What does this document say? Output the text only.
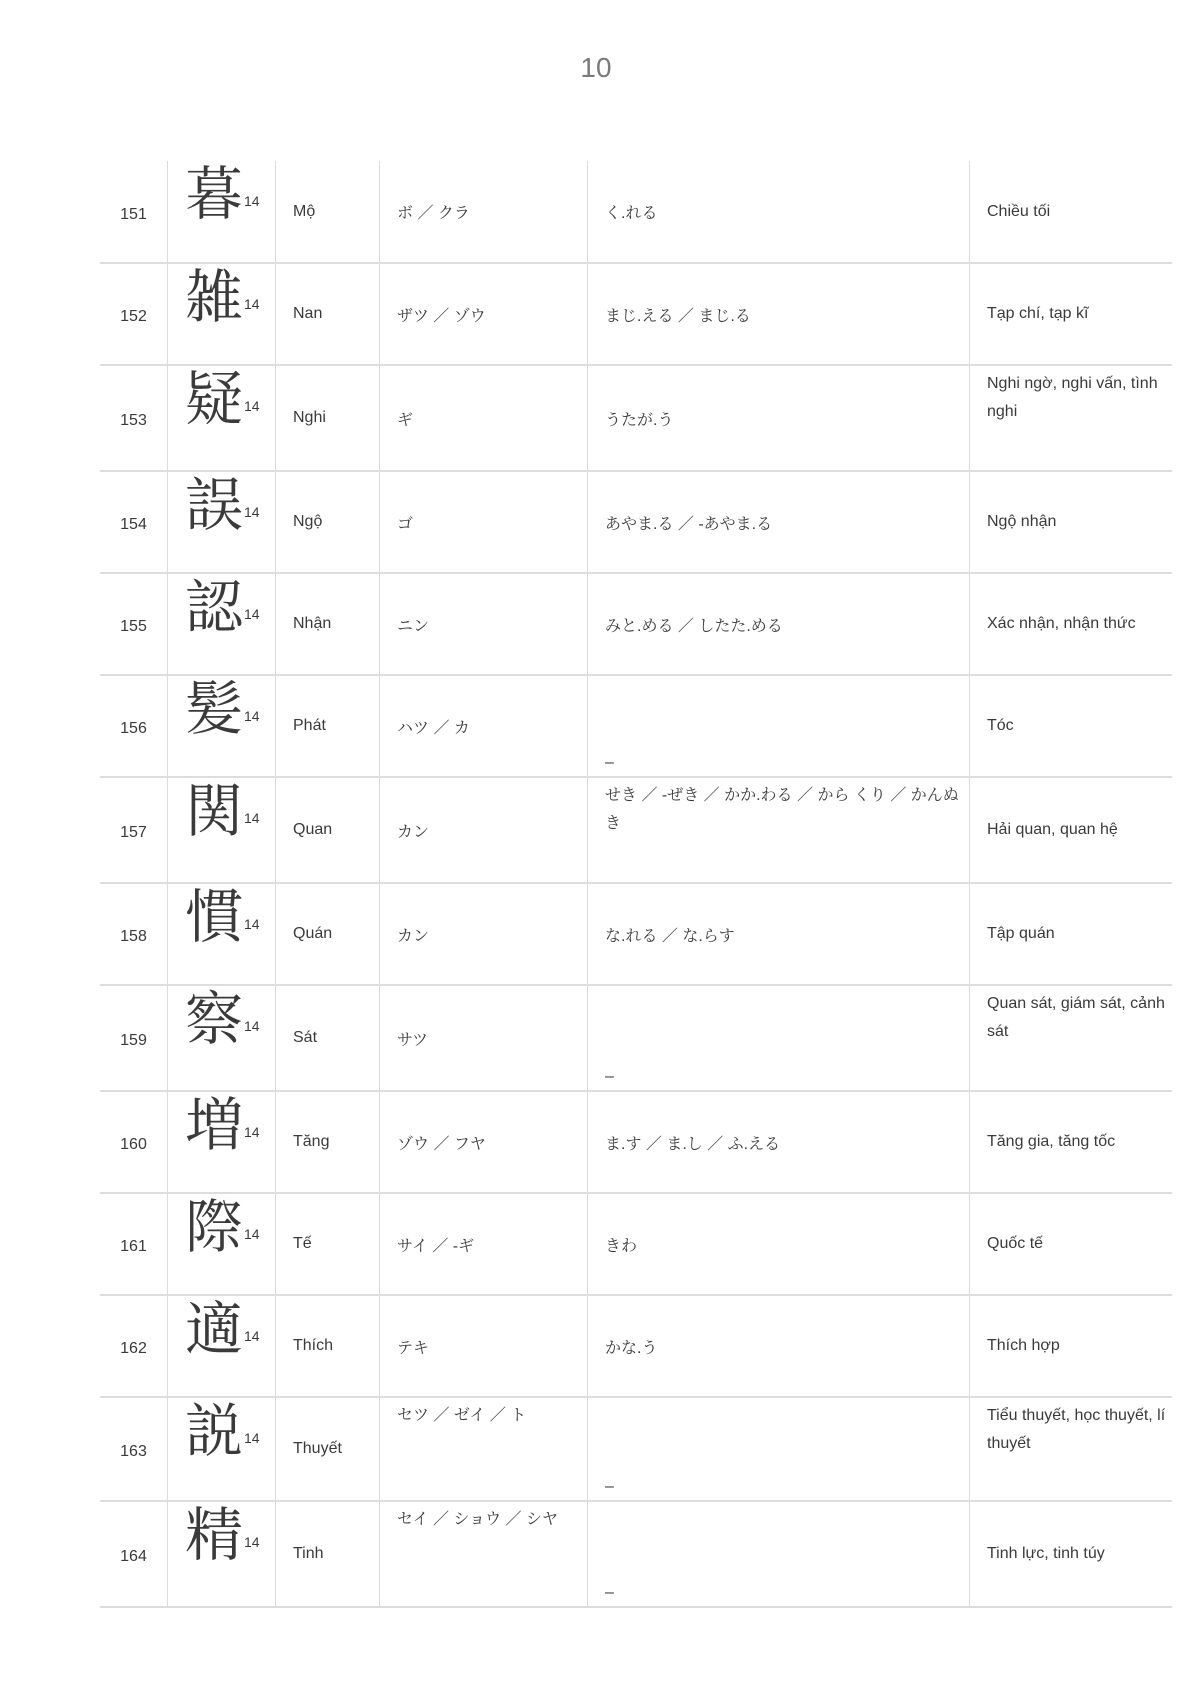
10
151	暮14	Mộ	ボ ／ クラ	く.れる	Chiều tối
152	雑14	Nan	ザツ ／ ゾウ	まじ.える ／ まじ.る	Tạp chí, tạp kĩ
153	疑14	Nghi	ギ	うたが.う	Nghi ngờ, nghi vấn, tình nghi
154	誤14	Ngộ	ゴ	あやま.る ／ -あやま.る	Ngộ nhận
155	認14	Nhận	ニン	みと.める ／ したた.める	Xác nhận, nhận thức
156	髪14	Phát	ハツ ／ カ	–	Tóc
157	関14	Quan	カン	せき ／ -ぜき ／ かか.わる ／ から くり ／ かんぬき	Hải quan, quan hệ
158	慣14	Quán	カン	な.れる ／ な.らす	Tập quán
159	察14	Sát	サツ	–	Quan sát, giám sát, cảnh sát
160	増14	Tăng	ゾウ ／ フヤ	ま.す ／ ま.し ／ ふ.える	Tăng gia, tăng tốc
161	際14	Tế	サイ ／ -ギ	きわ	Quốc tế
162	適14	Thích	テキ	かな.う	Thích hợp
163	説14	Thuyết	セツ ／ ゼイ ／ ト	–	Tiểu thuyết, học thuyết, lí thuyết
164	精14	Tinh	セイ ／ ショウ ／ シヤ	–	Tinh lực, tinh túy
